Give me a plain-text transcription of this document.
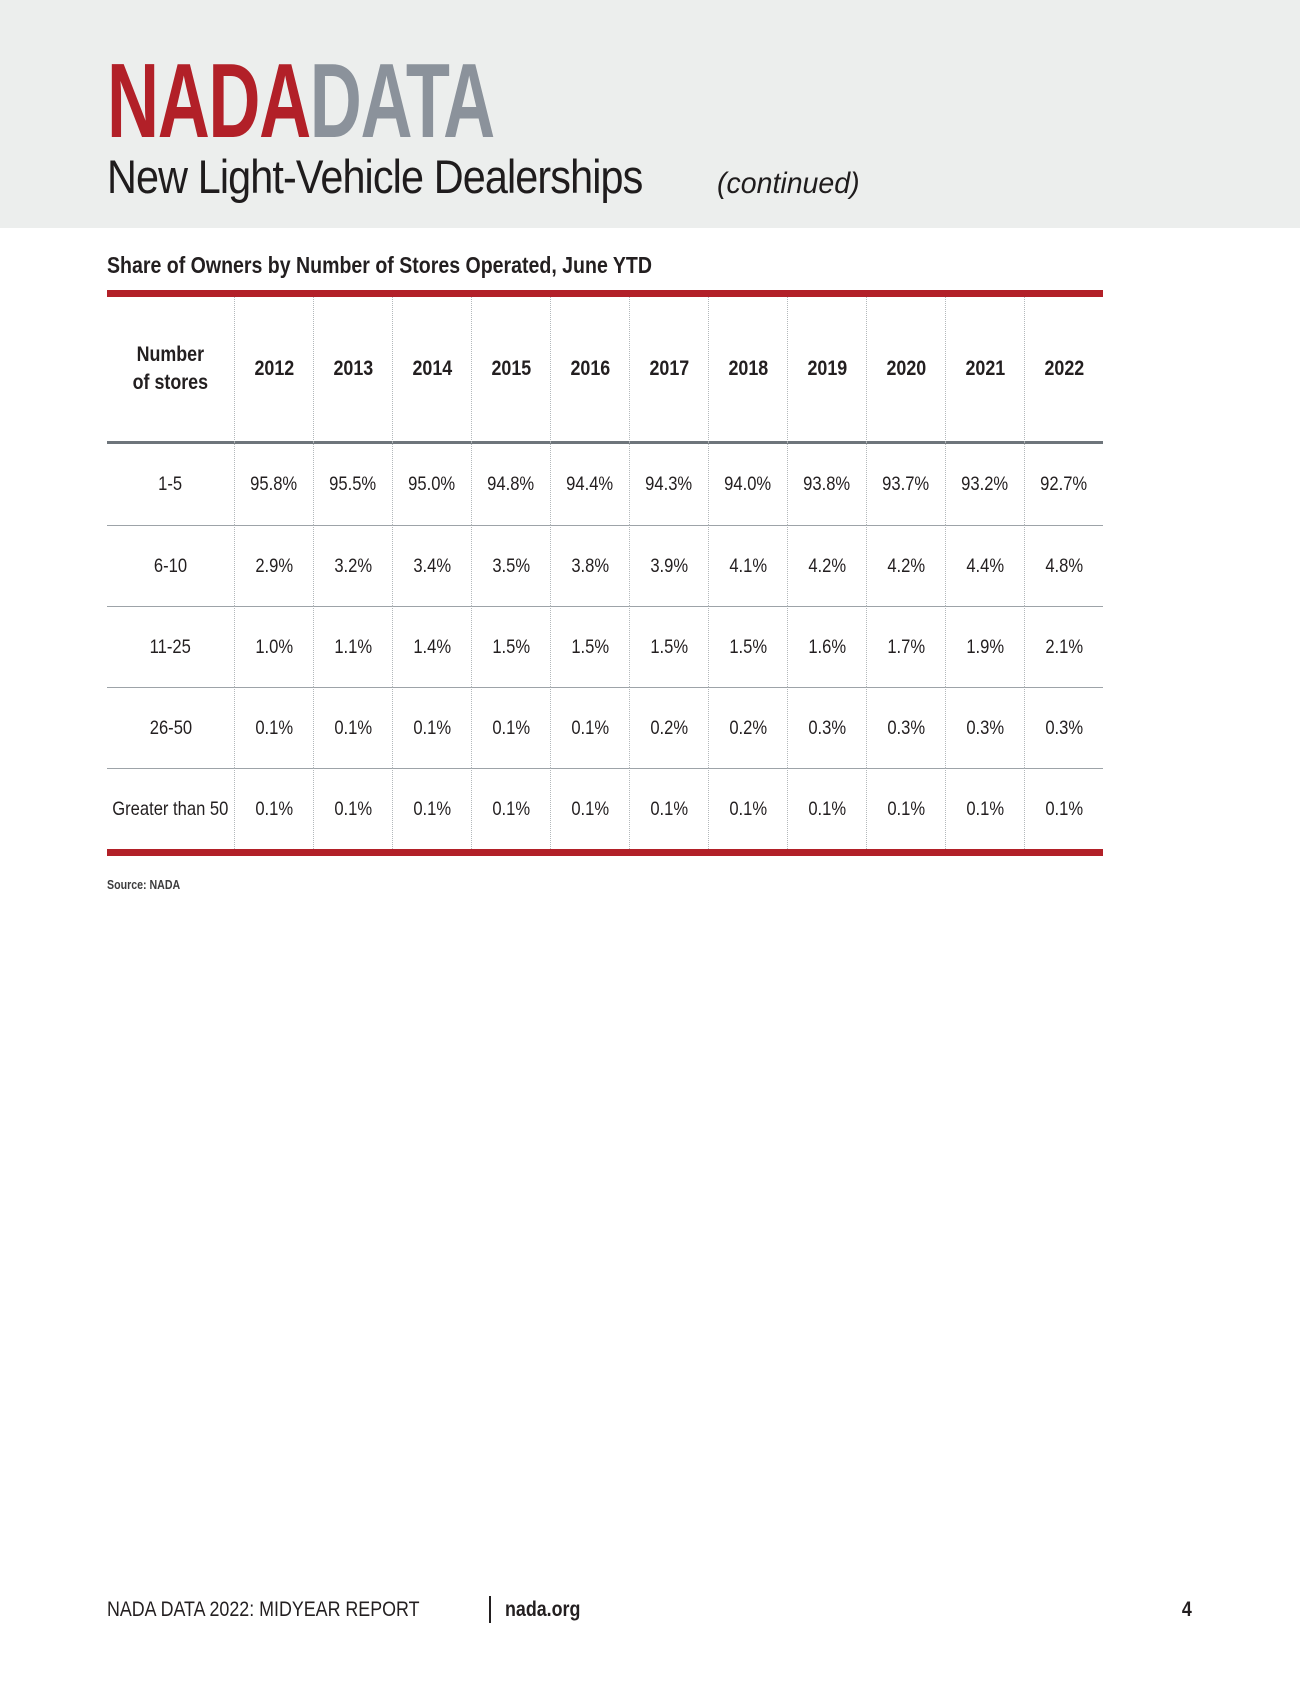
NADADATA
New Light-Vehicle Dealerships	(continued)
Share of Owners by Number of Stores Operated, June YTD
Number
of stores
2012 2013 2014 2015 2016 2017 2018 2019 2020 2021 2022
1-5	95.8% 95.5% 95.0% 94.8% 94.4% 94.3% 94.0% 93.8% 93.7% 93.2% 92.7%
6-10	2.9% 3.2% 3.4% 3.5% 3.8% 3.9% 4.1% 4.2% 4.2% 4.4% 4.8%
11-25	1.0% 1.1% 1.4% 1.5% 1.5% 1.5% 1.5% 1.6% 1.7% 1.9% 2.1%
26-50	0.1% 0.1% 0.1% 0.1% 0.1% 0.2% 0.2% 0.3% 0.3% 0.3% 0.3%
Greater than 50 0.1% 0.1% 0.1% 0.1% 0.1% 0.1% 0.1% 0.1% 0.1% 0.1% 0.1%
Source: NADA
NADA DATA 2022: MIDYEAR REPORT	nada.org	4
